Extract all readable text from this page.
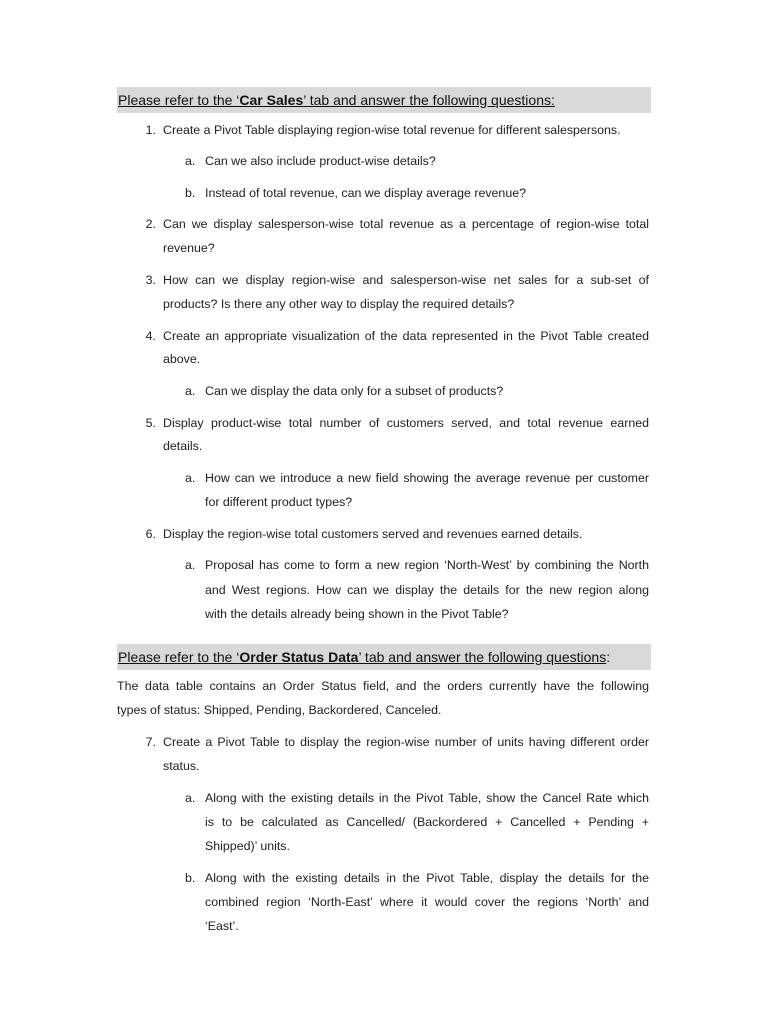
Please refer to the ‘Car Sales’ tab and answer the following questions:
1. Create a Pivot Table displaying region-wise total revenue for different salespersons.
a. Can we also include product-wise details?
b. Instead of total revenue, can we display average revenue?
2. Can we display salesperson-wise total revenue as a percentage of region-wise total
revenue?
3. How can we display region-wise and salesperson-wise net sales for a sub-set of
products? Is there any other way to display the required details?
4. Create an appropriate visualization of the data represented in the Pivot Table created
above.
a. Can we display the data only for a subset of products?
5. Display product-wise total number of customers served, and total revenue earned
details.
a. How can we introduce a new field showing the average revenue per customer
for different product types?
6. Display the region-wise total customers served and revenues earned details.
a. Proposal has come to form a new region ‘North-West’ by combining the North
and West regions. How can we display the details for the new region along
with the details already being shown in the Pivot Table?
Please refer to the ‘Order Status Data’ tab and answer the following questions:
The data table contains an Order Status field, and the orders currently have the following
types of status: Shipped, Pending, Backordered, Canceled.
7. Create a Pivot Table to display the region-wise number of units having different order
status.
a. Along with the existing details in the Pivot Table, show the Cancel Rate which
is to be calculated as Cancelled/ (Backordered + Cancelled + Pending +
Shipped)’ units.
b. Along with the existing details in the Pivot Table, display the details for the
combined region ‘North-East’ where it would cover the regions ‘North’ and
‘East’.
